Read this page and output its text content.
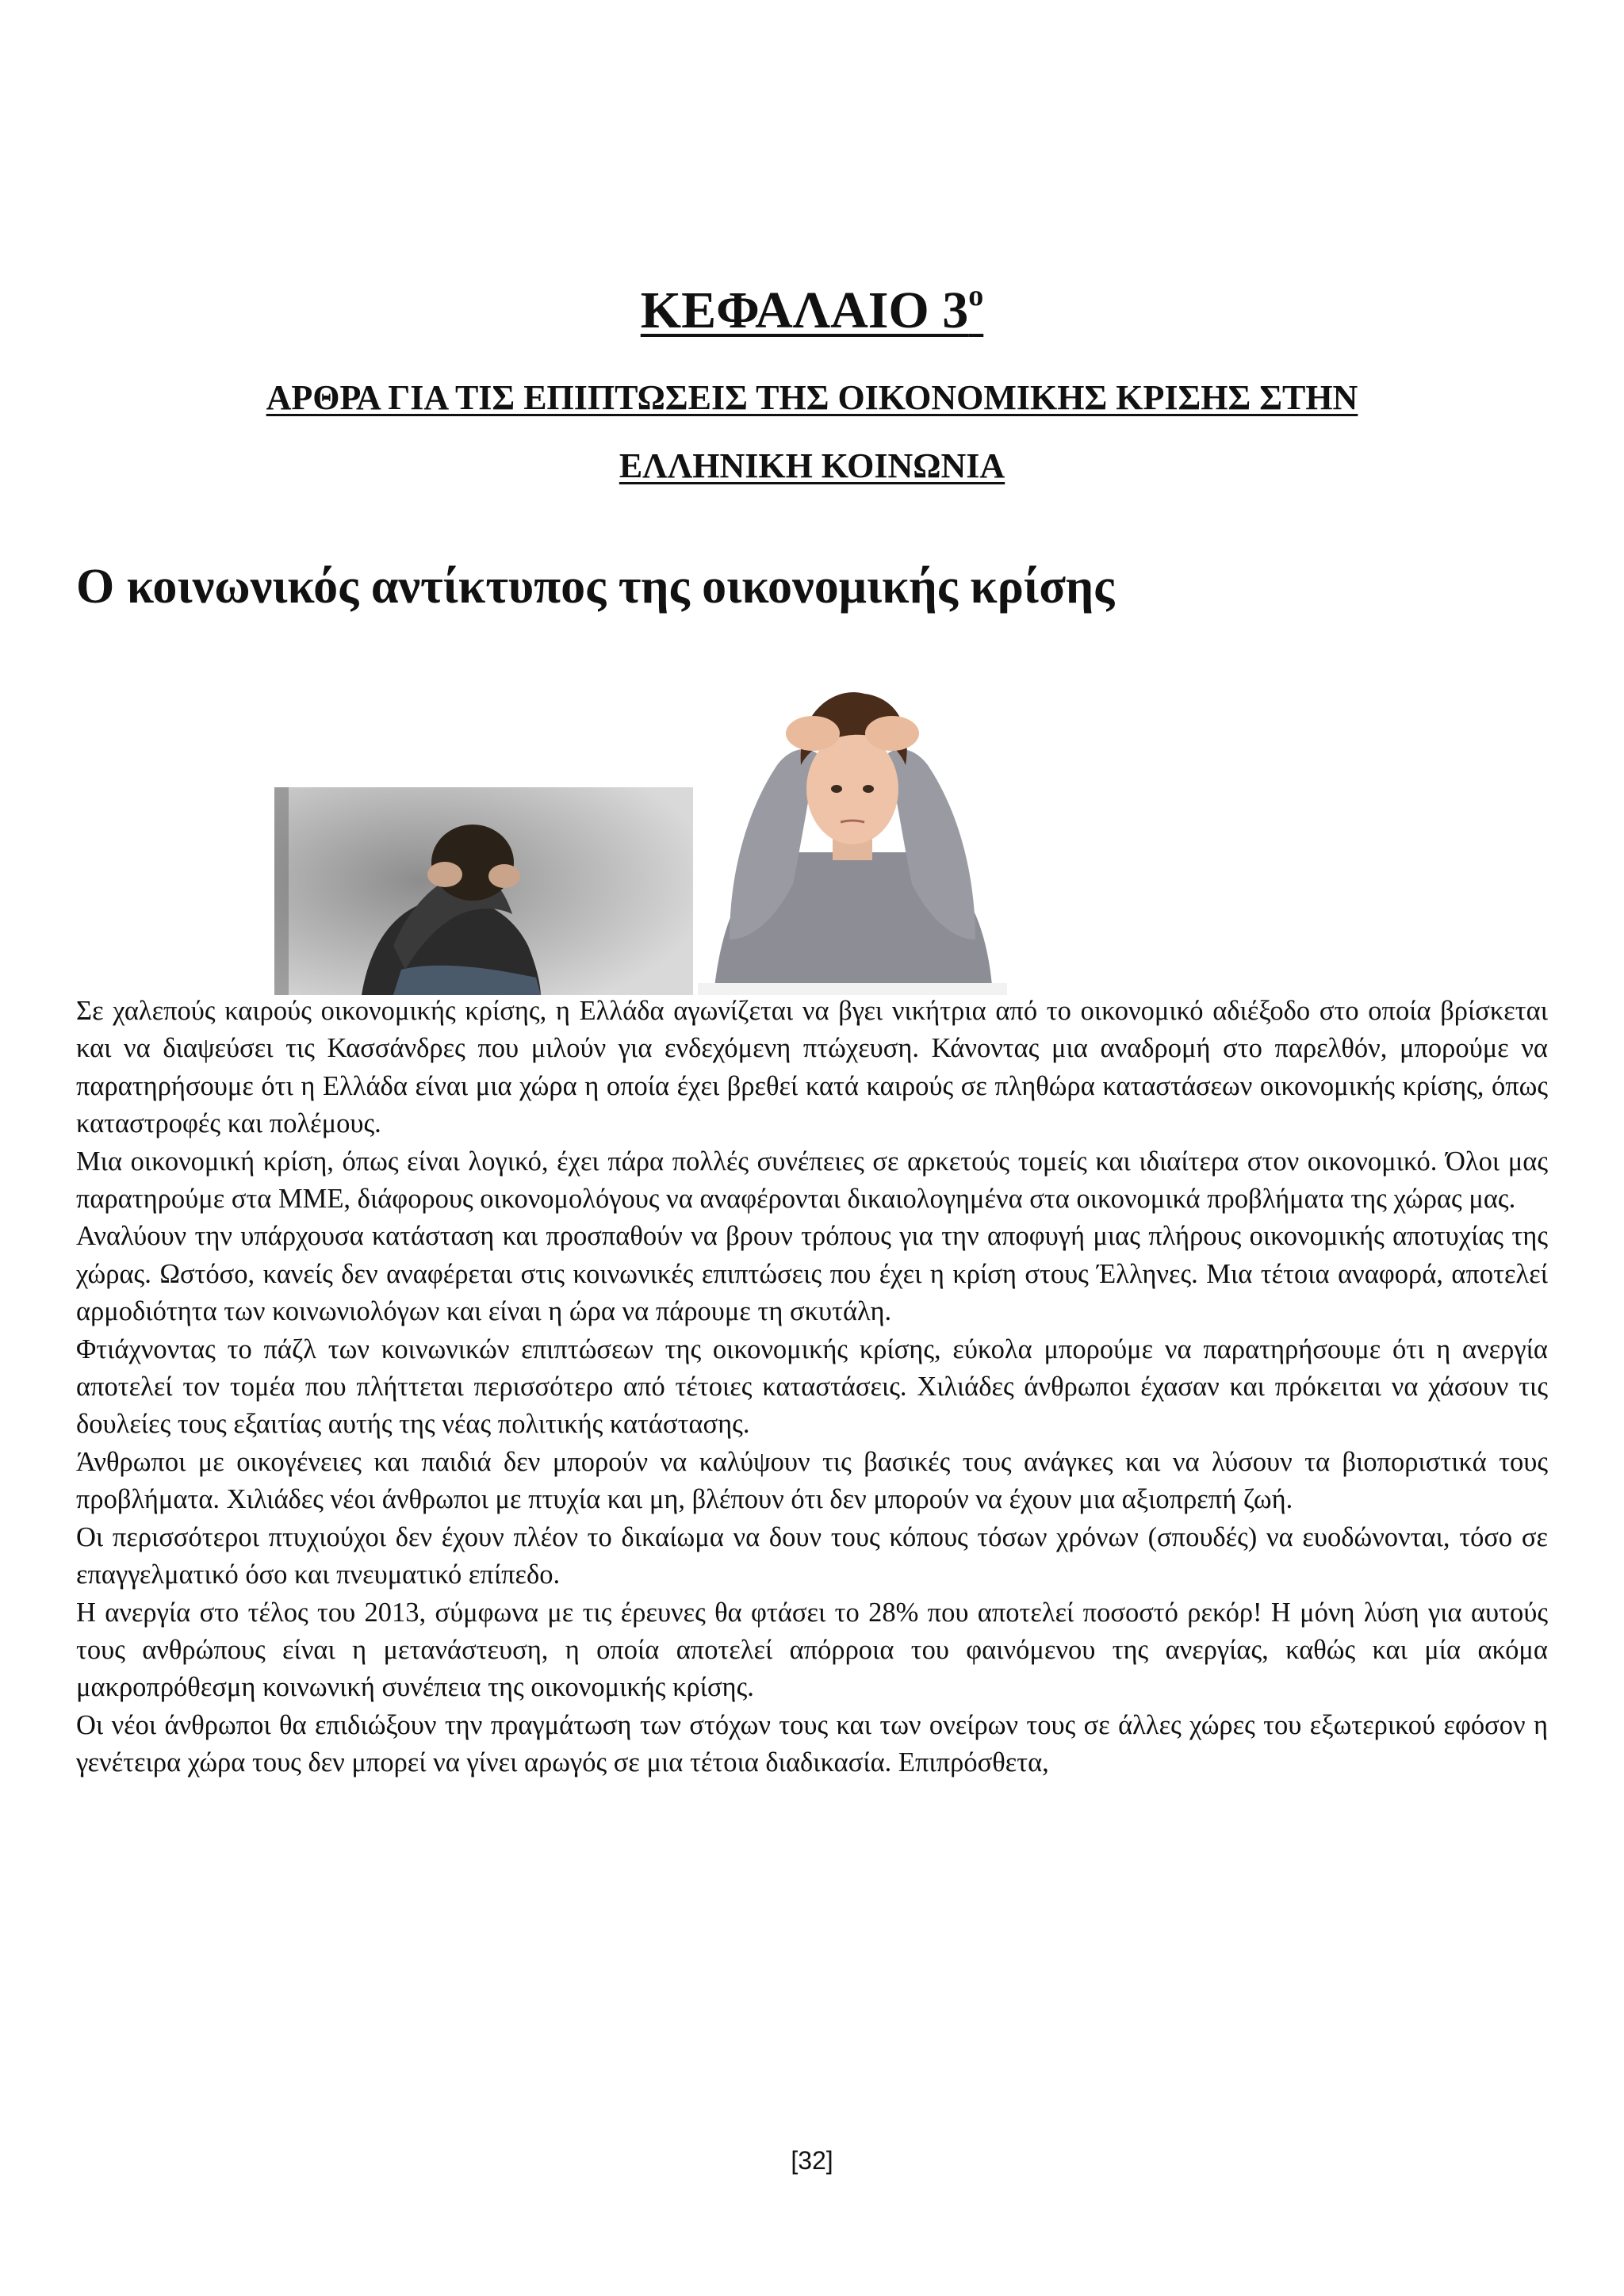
ΚΕΦΑΛΑΙΟ $3^o$
ΑΡΘΡΑ ΓΙΑ ΤΙΣ ΕΠΙΠΤΩΣΕΙΣ ΤΗΣ ΟΙΚΟΝΟΜΙΚΗΣ ΚΡΙΣΗΣ ΣΤΗΝ
ΕΛΛΗΝΙΚΗ ΚΟΙΝΩΝΙΑ
Ο κοινωνικός αντίκτυπος της οικονομικής κρίσης

Σε χαλεπούς καιρούς οικονομικής κρίσης, η Ελλάδα αγωνίζεται να βγει νικήτρια από το οικονομικό αδιέξοδο στο οποία βρίσκεται και να διαψεύσει τις Κασσάνδρες που μιλούν για ενδεχόμενη πτώχευση. Κάνοντας μια αναδρομή στο παρελθόν, μπορούμε να παρατηρήσουμε ότι η Ελλάδα είναι μια χώρα η οποία έχει βρεθεί κατά καιρούς σε πληθώρα καταστάσεων οικονομικής κρίσης, όπως καταστροφές και πολέμους.

Μια οικονομική κρίση, όπως είναι λογικό, έχει πάρα πολλές συνέπειες σε αρκετούς τομείς και ιδιαίτερα στον οικονομικό. Όλοι μας παρατηρούμε στα ΜΜΕ, διάφορους οικονομολόγους να αναφέρονται δικαιολογημένα στα οικονομικά προβλήματα της χώρας μας.

Αναλύουν την υπάρχουσα κατάσταση και προσπαθούν να βρουν τρόπους για την αποφυγή μιας πλήρους οικονομικής αποτυχίας της χώρας. Ωστόσο, κανείς δεν αναφέρεται στις κοινωνικές επιπτώσεις που έχει η κρίση στους Έλληνες. Μια τέτοια αναφορά, αποτελεί αρμοδιότητα των κοινωνιολόγων και είναι η ώρα να πάρουμε τη σκυτάλη.

Φτιάχνοντας το πάζλ των κοινωνικών επιπτώσεων της οικονομικής κρίσης, εύκολα μπορούμε να παρατηρήσουμε ότι η ανεργία αποτελεί τον τομέα που πλήττεται περισσότερο από τέτοιες καταστάσεις. Χιλιάδες άνθρωποι έχασαν και πρόκειται να χάσουν τις δουλείες τους εξαιτίας αυτής της νέας πολιτικής κατάστασης.

Άνθρωποι με οικογένειες και παιδιά δεν μπορούν να καλύψουν τις βασικές τους ανάγκες και να λύσουν τα βιοποριστικά τους προβλήματα. Χιλιάδες νέοι άνθρωποι με πτυχία και μη, βλέπουν ότι δεν μπορούν να έχουν μια αξιοπρεπή ζωή.

Οι περισσότεροι πτυχιούχοι δεν έχουν πλέον το δικαίωμα να δουν τους κόπους τόσων χρόνων (σπουδές) να ευοδώνονται, τόσο σε επαγγελματικό όσο και πνευματικό επίπεδο.

Η ανεργία στο τέλος του 2013, σύμφωνα με τις έρευνες θα φτάσει το 28% που αποτελεί ποσοστό ρεκόρ! Η μόνη λύση για αυτούς τους ανθρώπους είναι η μετανάστευση, η οποία αποτελεί απόρροια του φαινόμενου της ανεργίας, καθώς και μία ακόμα μακροπρόθεσμη κοινωνική συνέπεια της οικονομικής κρίσης.

Οι νέοι άνθρωποι θα επιδιώξουν την πραγμάτωση των στόχων τους και των ονείρων τους σε άλλες χώρες του εξωτερικού εφόσον η γενέτειρα χώρα τους δεν μπορεί να γίνει αρωγός σε μια τέτοια διαδικασία. Επιπρόσθετα,

[32]
